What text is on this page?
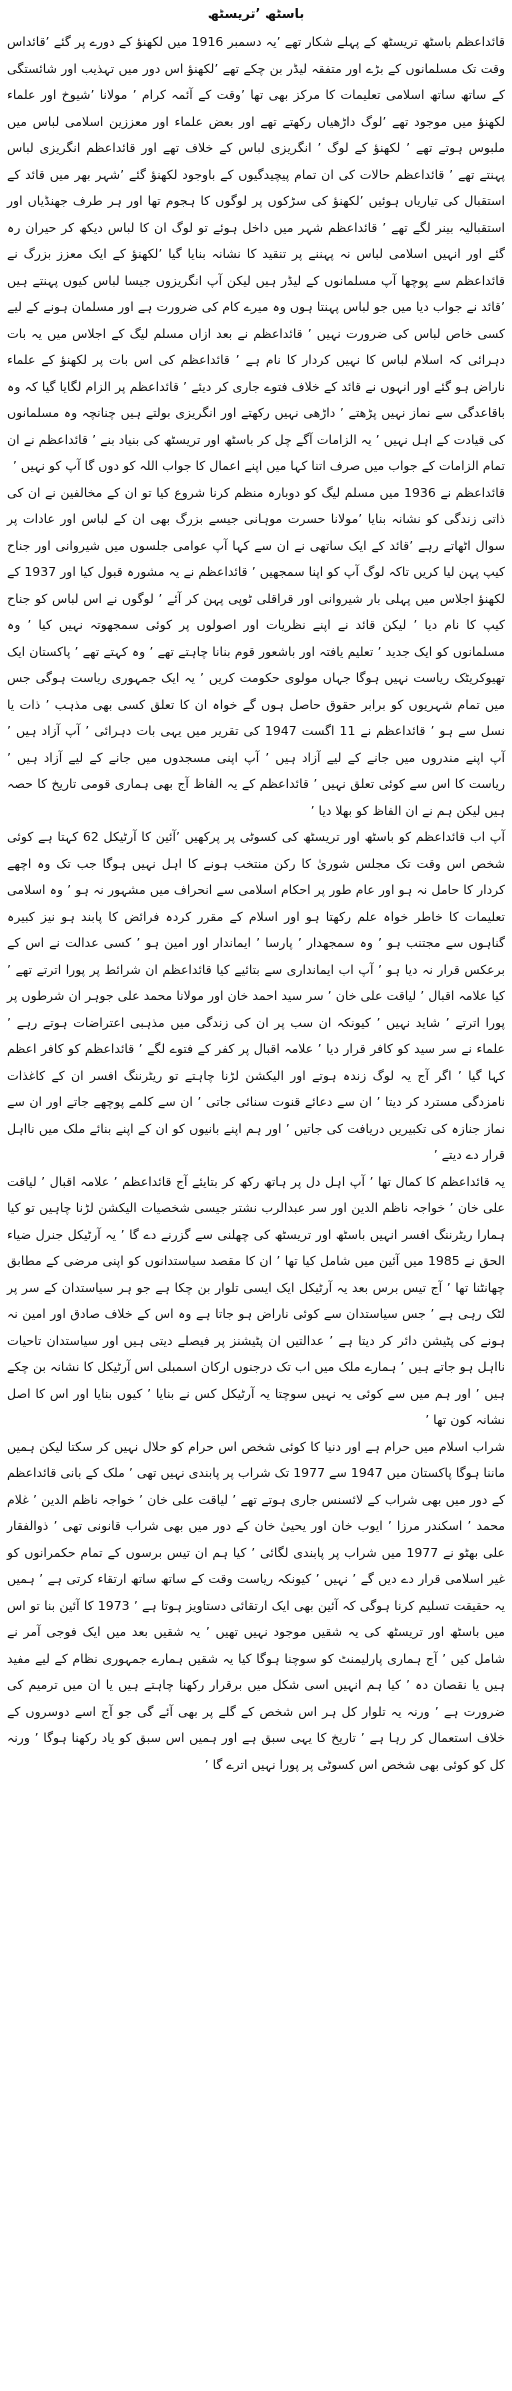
باسٹھ ’تریسٹھ

قائداعظم باسٹھ تریسٹھ کے پہلے شکار تھے ’یہ دسمبر 1916 میں لکھنؤ کے دورے پر گئے ’قائداس وقت تک مسلمانوں کے بڑے اور متفقہ لیڈر بن چکے تھے ’لکھنؤ اس دور میں تہذیب اور شائستگی کے ساتھ ساتھ اسلامی تعلیمات کا مرکز بھی تھا ’وقت کے آئمہ کرام ’ مولانا ’شیوخ اور علماء لکھنؤ میں موجود تھے ’لوگ داڑھیاں رکھتے تھے اور بعض علماء اور معززین اسلامی لباس میں ملبوس ہوتے تھے ’ لکھنؤ کے لوگ ’ انگریزی لباس کے خلاف تھے اور قائداعظم انگریزی لباس پہنتے تھے ’ قائداعظم حالات کی ان تمام پیچیدگیوں کے باوجود لکھنؤ گئے ’شہر بھر میں قائد کے استقبال کی تیاریاں ہوئیں ’لکھنؤ کی سڑکوں پر لوگوں کا ہجوم تھا اور ہر طرف جھنڈیاں اور استقبالیہ بینر لگے تھے ’ قائداعظم شہر میں داخل ہوئے تو لوگ ان کا لباس دیکھ کر حیران رہ گئے اور انہیں اسلامی لباس نہ پہننے پر تنقید کا نشانہ بنایا گیا ’لکھنؤ کے ایک معزز بزرگ نے قائداعظم سے پوچھا آپ مسلمانوں کے لیڈر ہیں لیکن آپ انگریزوں جیسا لباس کیوں پہنتے ہیں ’قائد نے جواب دیا میں جو لباس پہنتا ہوں وہ میرے کام کی ضرورت ہے اور مسلمان ہونے کے لیے کسی خاص لباس کی ضرورت نہیں ’ قائداعظم نے بعد ازاں مسلم لیگ کے اجلاس میں یہ بات دہرائی کہ اسلام لباس کا نہیں کردار کا نام ہے ’ قائداعظم کی اس بات پر لکھنؤ کے علماء ناراض ہو گئے اور انہوں نے قائد کے خلاف فتوے جاری کر دیئے ’ قائداعظم پر الزام لگایا گیا کہ وہ باقاعدگی سے نماز نہیں پڑھتے ’ داڑھی نہیں رکھتے اور انگریزی بولتے ہیں چنانچہ وہ مسلمانوں کی قیادت کے اہل نہیں ’ یہ الزامات آگے چل کر باسٹھ اور تریسٹھ کی بنیاد بنے ’ قائداعظم نے ان تمام الزامات کے جواب میں صرف اتنا کہا میں اپنے اعمال کا جواب اللہ کو دوں گا آپ کو نہیں ’

قائداعظم نے 1936 میں مسلم لیگ کو دوبارہ منظم کرنا شروع کیا تو ان کے مخالفین نے ان کی ذاتی زندگی کو نشانہ بنایا ’مولانا حسرت موہانی جیسے بزرگ بھی ان کے لباس اور عادات پر سوال اٹھاتے رہے ’قائد کے ایک ساتھی نے ان سے کہا آپ عوامی جلسوں میں شیروانی اور جناح کیپ پہن لیا کریں تاکہ لوگ آپ کو اپنا سمجھیں ’ قائداعظم نے یہ مشورہ قبول کیا اور 1937 کے لکھنؤ اجلاس میں پہلی بار شیروانی اور قراقلی ٹوپی پہن کر آئے ’ لوگوں نے اس لباس کو جناح کیپ کا نام دیا ’ لیکن قائد نے اپنے نظریات اور اصولوں پر کوئی سمجھوتہ نہیں کیا ’ وہ مسلمانوں کو ایک جدید ’ تعلیم یافتہ اور باشعور قوم بنانا چاہتے تھے ’ وہ کہتے تھے ’ پاکستان ایک تھیوکریٹک ریاست نہیں ہوگا جہاں مولوی حکومت کریں ’ یہ ایک جمہوری ریاست ہوگی جس میں تمام شہریوں کو برابر حقوق حاصل ہوں گے خواہ ان کا تعلق کسی بھی مذہب ’ ذات یا نسل سے ہو ’ قائداعظم نے 11 اگست 1947 کی تقریر میں یہی بات دہرائی ’ آپ آزاد ہیں ’ آپ اپنے مندروں میں جانے کے لیے آزاد ہیں ’ آپ اپنی مسجدوں میں جانے کے لیے آزاد ہیں ’ ریاست کا اس سے کوئی تعلق نہیں ’ قائداعظم کے یہ الفاظ آج بھی ہماری قومی تاریخ کا حصہ ہیں لیکن ہم نے ان الفاظ کو بھلا دیا ’

آپ اب قائداعظم کو باسٹھ اور تریسٹھ کی کسوٹی پر پرکھیں ’آئین کا آرٹیکل 62 کہتا ہے کوئی شخص اس وقت تک مجلس شوریٰ کا رکن منتخب ہونے کا اہل نہیں ہوگا جب تک وہ اچھے کردار کا حامل نہ ہو اور عام طور پر احکام اسلامی سے انحراف میں مشہور نہ ہو ’ وہ اسلامی تعلیمات کا خاطر خواہ علم رکھتا ہو اور اسلام کے مقرر کردہ فرائض کا پابند ہو نیز کبیرہ گناہوں سے مجتنب ہو ’ وہ سمجھدار ’ پارسا ’ ایماندار اور امین ہو ’ کسی عدالت نے اس کے برعکس قرار نہ دیا ہو ’ آپ اب ایمانداری سے بتائیے کیا قائداعظم ان شرائط پر پورا اترتے تھے ’ کیا علامہ اقبال ’ لیاقت علی خان ’ سر سید احمد خان اور مولانا محمد علی جوہر ان شرطوں پر پورا اترتے ’ شاید نہیں ’ کیونکہ ان سب پر ان کی زندگی میں مذہبی اعتراضات ہوتے رہے ’ علماء نے سر سید کو کافر قرار دیا ’ علامہ اقبال پر کفر کے فتوے لگے ’ قائداعظم کو کافر اعظم کہا گیا ’ اگر آج یہ لوگ زندہ ہوتے اور الیکشن لڑنا چاہتے تو ریٹرننگ افسر ان کے کاغذات نامزدگی مسترد کر دیتا ’ ان سے دعائے قنوت سنائی جاتی ’ ان سے کلمے پوچھے جاتے اور ان سے نماز جنازہ کی تکبیریں دریافت کی جاتیں ’ اور ہم اپنے بانیوں کو ان کے اپنے بنائے ملک میں نااہل قرار دے دیتے ’

یہ قائداعظم کا کمال تھا ’ آپ اہل دل پر ہاتھ رکھ کر بتایئے آج قائداعظم ’ علامہ اقبال ’ لیاقت علی خان ’ خواجہ ناظم الدین اور سر عبدالرب نشتر جیسی شخصیات الیکشن لڑنا چاہیں تو کیا ہمارا ریٹرننگ افسر انہیں باسٹھ اور تریسٹھ کی چھلنی سے گزرنے دے گا ’ یہ آرٹیکل جنرل ضیاء الحق نے 1985 میں آئین میں شامل کیا تھا ’ ان کا مقصد سیاستدانوں کو اپنی مرضی کے مطابق چھانٹنا تھا ’ آج تیس برس بعد یہ آرٹیکل ایک ایسی تلوار بن چکا ہے جو ہر سیاستدان کے سر پر لٹک رہی ہے ’ جس سیاستدان سے کوئی ناراض ہو جاتا ہے وہ اس کے خلاف صادق اور امین نہ ہونے کی پٹیشن دائر کر دیتا ہے ’ عدالتیں ان پٹیشنز پر فیصلے دیتی ہیں اور سیاستدان تاحیات نااہل ہو جاتے ہیں ’ ہمارے ملک میں اب تک درجنوں ارکان اسمبلی اس آرٹیکل کا نشانہ بن چکے ہیں ’ اور ہم میں سے کوئی یہ نہیں سوچتا یہ آرٹیکل کس نے بنایا ’ کیوں بنایا اور اس کا اصل نشانہ کون تھا ’

شراب اسلام میں حرام ہے اور دنیا کا کوئی شخص اس حرام کو حلال نہیں کر سکتا لیکن ہمیں ماننا ہوگا پاکستان میں 1947 سے 1977 تک شراب پر پابندی نہیں تھی ’ ملک کے بانی قائداعظم کے دور میں بھی شراب کے لائسنس جاری ہوتے تھے ’ لیاقت علی خان ’ خواجہ ناظم الدین ’ غلام محمد ’ اسکندر مرزا ’ ایوب خان اور یحییٰ خان کے دور میں بھی شراب قانونی تھی ’ ذوالفقار علی بھٹو نے 1977 میں شراب پر پابندی لگائی ’ کیا ہم ان تیس برسوں کے تمام حکمرانوں کو غیر اسلامی قرار دے دیں گے ’ نہیں ’ کیونکہ ریاست وقت کے ساتھ ساتھ ارتقاء کرتی ہے ’ ہمیں یہ حقیقت تسلیم کرنا ہوگی کہ آئین بھی ایک ارتقائی دستاویز ہوتا ہے ’ 1973 کا آئین بنا تو اس میں باسٹھ اور تریسٹھ کی یہ شقیں موجود نہیں تھیں ’ یہ شقیں بعد میں ایک فوجی آمر نے شامل کیں ’ آج ہماری پارلیمنٹ کو سوچنا ہوگا کیا یہ شقیں ہمارے جمہوری نظام کے لیے مفید ہیں یا نقصان دہ ’ کیا ہم انہیں اسی شکل میں برقرار رکھنا چاہتے ہیں یا ان میں ترمیم کی ضرورت ہے ’ ورنہ یہ تلوار کل ہر اس شخص کے گلے پر بھی آئے گی جو آج اسے دوسروں کے خلاف استعمال کر رہا ہے ’ تاریخ کا یہی سبق ہے اور ہمیں اس سبق کو یاد رکھنا ہوگا ’ ورنہ کل کو کوئی بھی شخص اس کسوٹی پر پورا نہیں اترے گا ’
